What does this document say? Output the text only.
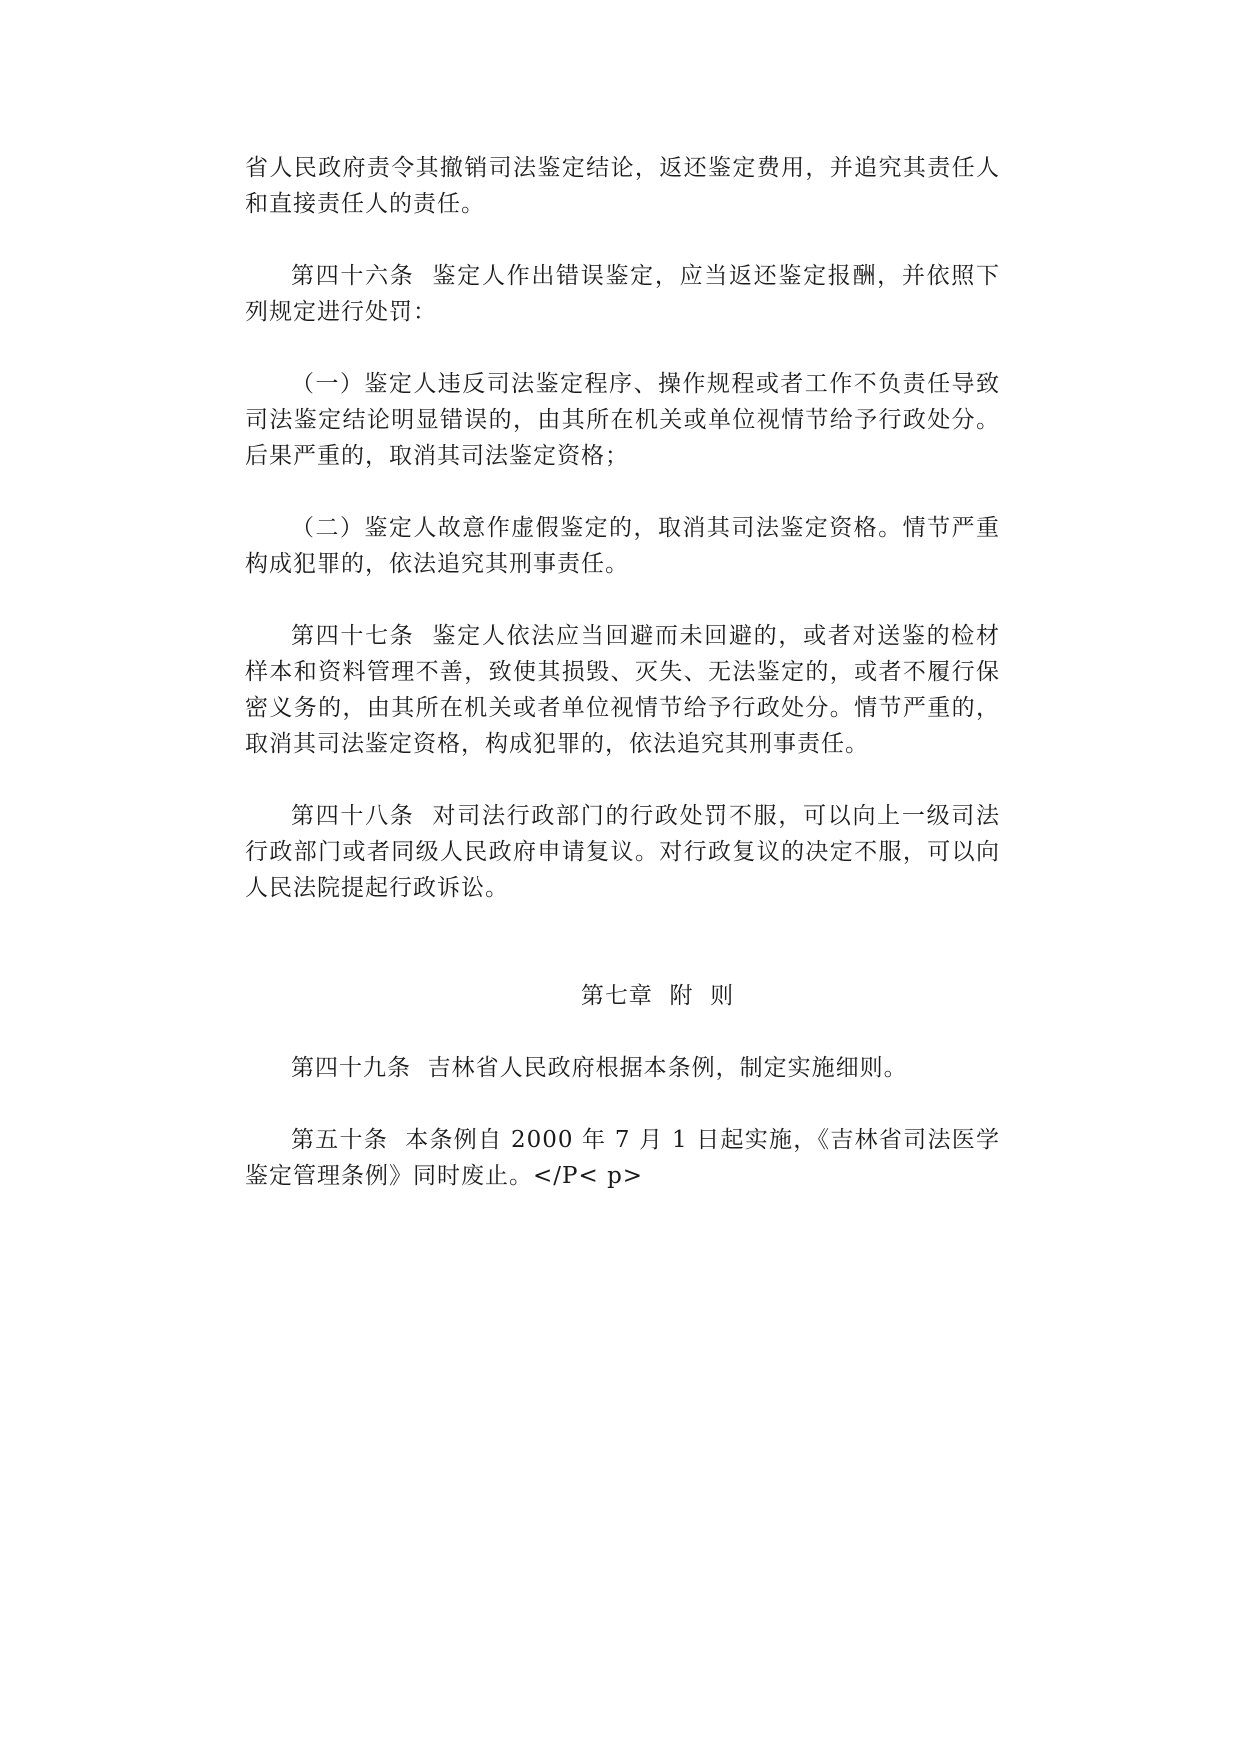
省人民政府责令其撤销司法鉴定结论，返还鉴定费用，并追究其责任人和直接责任人的责任。

第四十六条  鉴定人作出错误鉴定，应当返还鉴定报酬，并依照下列规定进行处罚：

（一）鉴定人违反司法鉴定程序、操作规程或者工作不负责任导致司法鉴定结论明显错误的，由其所在机关或单位视情节给予行政处分。后果严重的，取消其司法鉴定资格；

（二）鉴定人故意作虚假鉴定的，取消其司法鉴定资格。情节严重构成犯罪的，依法追究其刑事责任。

第四十七条  鉴定人依法应当回避而未回避的，或者对送鉴的检材样本和资料管理不善，致使其损毁、灭失、无法鉴定的，或者不履行保密义务的，由其所在机关或者单位视情节给予行政处分。情节严重的，取消其司法鉴定资格，构成犯罪的，依法追究其刑事责任。

第四十八条  对司法行政部门的行政处罚不服，可以向上一级司法行政部门或者同级人民政府申请复议。对行政复议的决定不服，可以向人民法院提起行政诉讼。

第七章  附  则

第四十九条  吉林省人民政府根据本条例，制定实施细则。

第五十条  本条例自 2000 年 7 月 1 日起实施，《吉林省司法医学鉴定管理条例》同时废止。</P< p>
